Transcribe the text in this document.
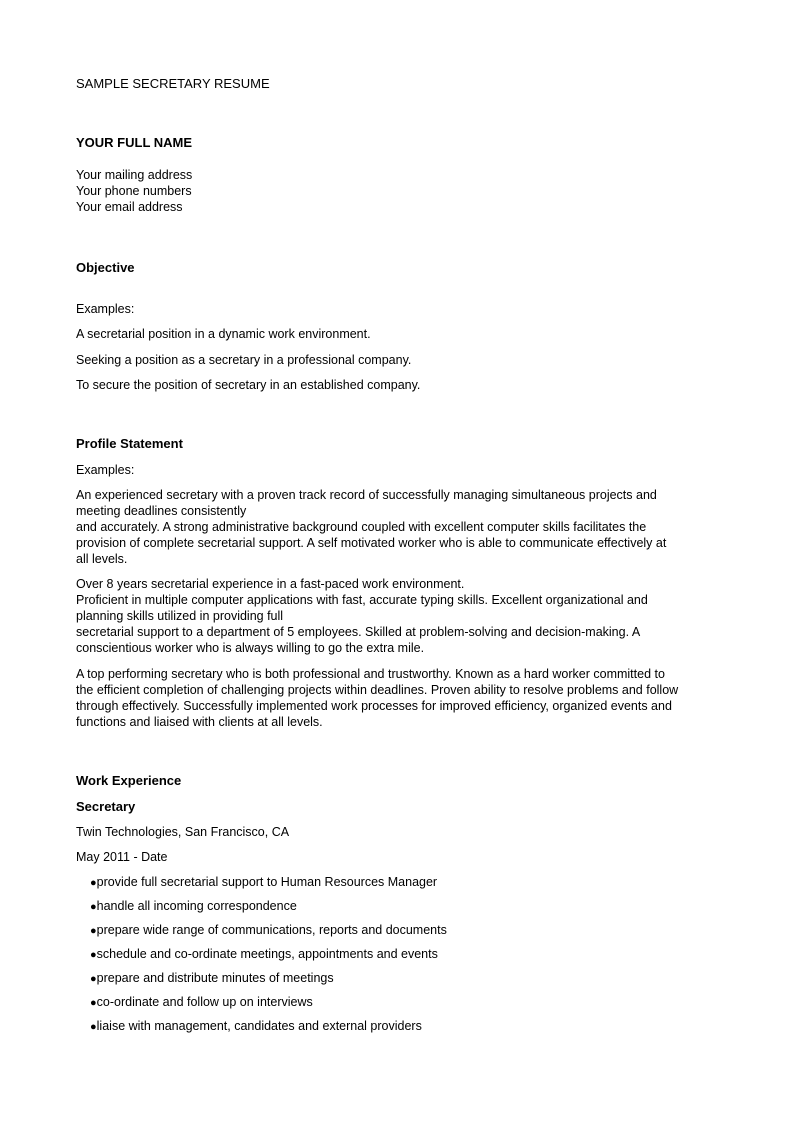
SAMPLE SECRETARY RESUME
YOUR FULL NAME
Your mailing address
Your phone numbers
Your email address
Objective

Examples:

A secretarial position in a dynamic work environment.

Seeking a position as a secretary in a professional company.

To secure the position of secretary in an established company.

Profile Statement

Examples:

An experienced secretary with a proven track record of successfully managing simultaneous projects and
meeting deadlines consistently
and accurately. A strong administrative background coupled with excellent computer skills facilitates the
provision of complete secretarial support. A self motivated worker who is able to communicate effectively at
all levels.
Over 8 years secretarial experience in a fast-paced work environment.
Proficient in multiple computer applications with fast, accurate typing skills. Excellent organizational and
planning skills utilized in providing full
secretarial support to a department of 5 employees. Skilled at problem-solving and decision-making. A
conscientious worker who is always willing to go the extra mile.
A top performing secretary who is both professional and trustworthy. Known as a hard worker committed to
the efficient completion of challenging projects within deadlines. Proven ability to resolve problems and follow
through effectively. Successfully implemented work processes for improved efficiency, organized events and
functions and liaised with clients at all levels.
Work Experience
Secretary

Twin Technologies, San Francisco, CA

May 2011 - Date

●provide full secretarial support to Human Resources Manager
●handle all incoming correspondence
●prepare wide range of communications, reports and documents
●schedule and co-ordinate meetings, appointments and events
●prepare and distribute minutes of meetings
●co-ordinate and follow up on interviews
●liaise with management, candidates and external providers
